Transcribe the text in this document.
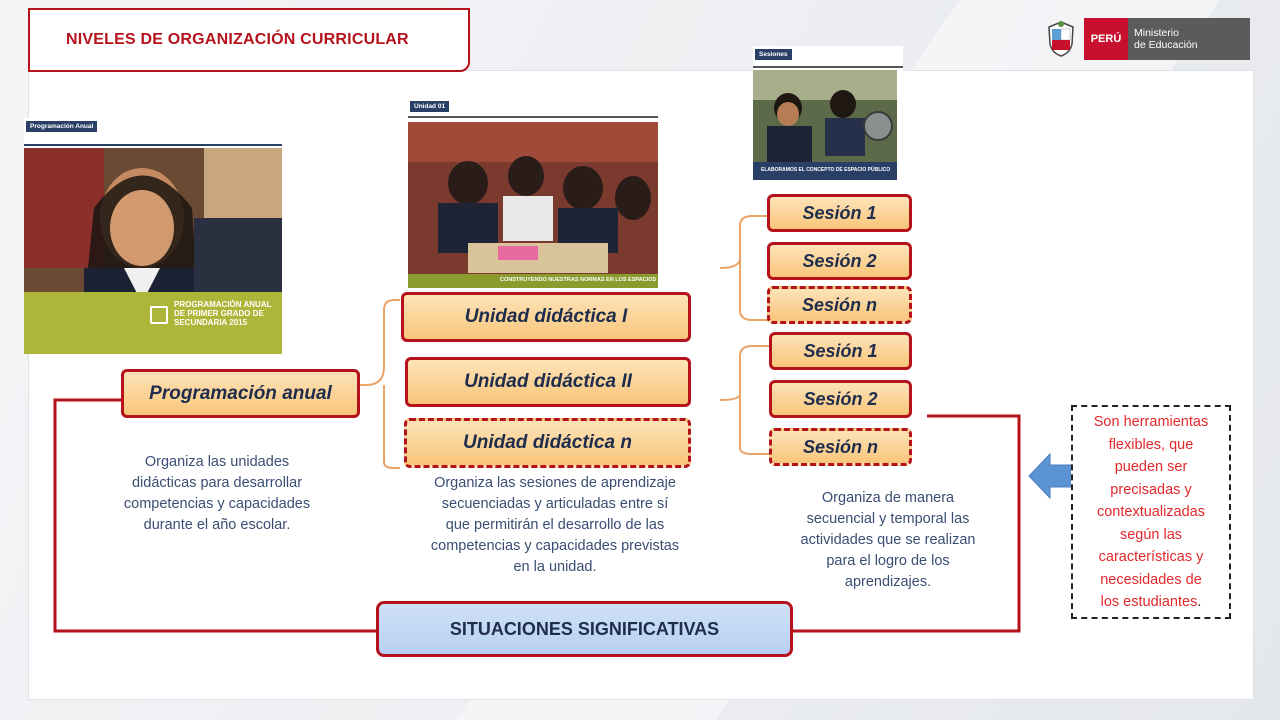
NIVELES DE ORGANIZACIÓN CURRICULAR	PERÚ	Ministerio
de Educación
Programación Anual
PROGRAMACIÓN ANUAL DE PRIMER GRADO DE SECUNDARIA 2015
Unidad 01
CONSTRUYENDO NUESTRAS NORMAS EN LOS ESPACIOS DE LA ESCUELA
Sesiones
ELABORAMOS EL CONCEPTO DE ESPACIO PÚBLICO
Programación anual
Unidad didáctica I
Unidad didáctica II
Unidad didáctica n
Sesión 1
Sesión 2
Sesión n
Sesión 1
Sesión 2
Sesión n
Organiza las unidades
didácticas para desarrollar
competencias y capacidades
durante el año escolar.
Organiza las sesiones de aprendizaje
secuenciadas y articuladas entre sí
que permitirán el desarrollo de las
competencias y capacidades previstas
en la unidad.
Organiza de manera
secuencial y temporal las
actividades que se realizan
para el logro de los
aprendizajes.
Son herramientas
flexibles, que
pueden ser
precisadas y
contextualizadas
según las
características y
necesidades de
los estudiantes.
SITUACIONES SIGNIFICATIVAS
